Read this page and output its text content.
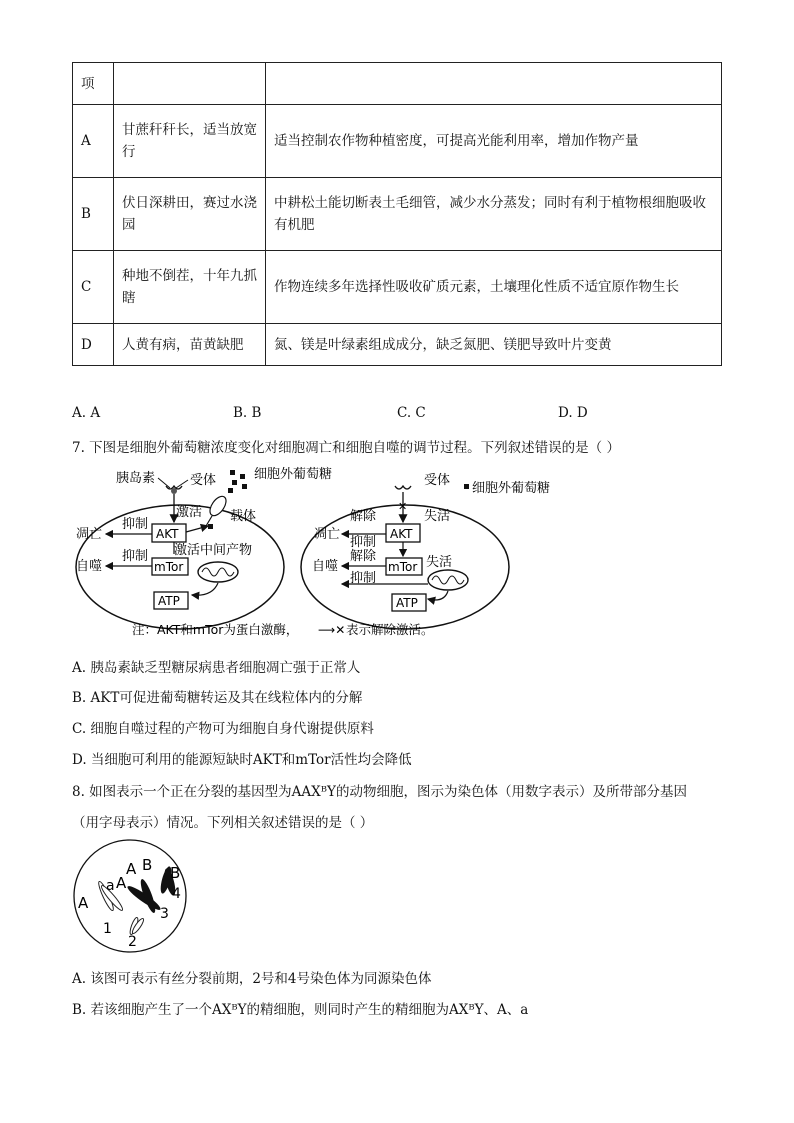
项		
A	甘蔗秆秆长，适当放宽行	适当控制农作物种植密度，可提高光能利用率，增加作物产量
B	伏日深耕田，赛过水浇园	中耕松土能切断表土毛细管，减少水分蒸发；同时有利于植物根细胞吸收有机肥
C	种地不倒茬，十年九抓瞎	作物连续多年选择性吸收矿质元素，土壤理化性质不适宜原作物生长
D	人黄有病，苗黄缺肥	氮、镁是叶绿素组成成分，缺乏氮肥、镁肥导致叶片变黄
A. A	B. B	C. C	D. D
7. 下图是细胞外葡萄糖浓度变化对细胞凋亡和细胞自噬的调节过程。下列叙述错误的是（ ）
胰岛素	受体
激活
细胞外葡萄糖
载体
AKT
激活 中间产物
mTor
抑制
凋亡
抑制
自噬
ATP
受体
✕
细胞外葡萄糖
AKT
失活
mTor 失活
解除
抑制
凋亡
解除
抑制
自噬
ATP
注：AKT和mTor为蛋白激酶， ⟶✕ 表示解除激活。
A. 胰岛素缺乏型糖尿病患者细胞凋亡强于正常人
B. AKT可促进葡萄糖转运及其在线粒体内的分解
C. 细胞自噬过程的产物可为细胞自身代谢提供原料
D. 当细胞可利用的能源短缺时AKT和mTor活性均会降低
8. 如图表示一个正在分裂的基因型为AAXᴮY的动物细胞，图示为染色体（用数字表示）及所带部分基因
（用字母表示）情况。下列相关叙述错误的是（ ）
a
A
A
A B B
1
2
3
4
A. 该图可表示有丝分裂前期，2号和4号染色体为同源染色体
B. 若该细胞产生了一个AXᴮY的精细胞，则同时产生的精细胞为AXᴮY、A、a
